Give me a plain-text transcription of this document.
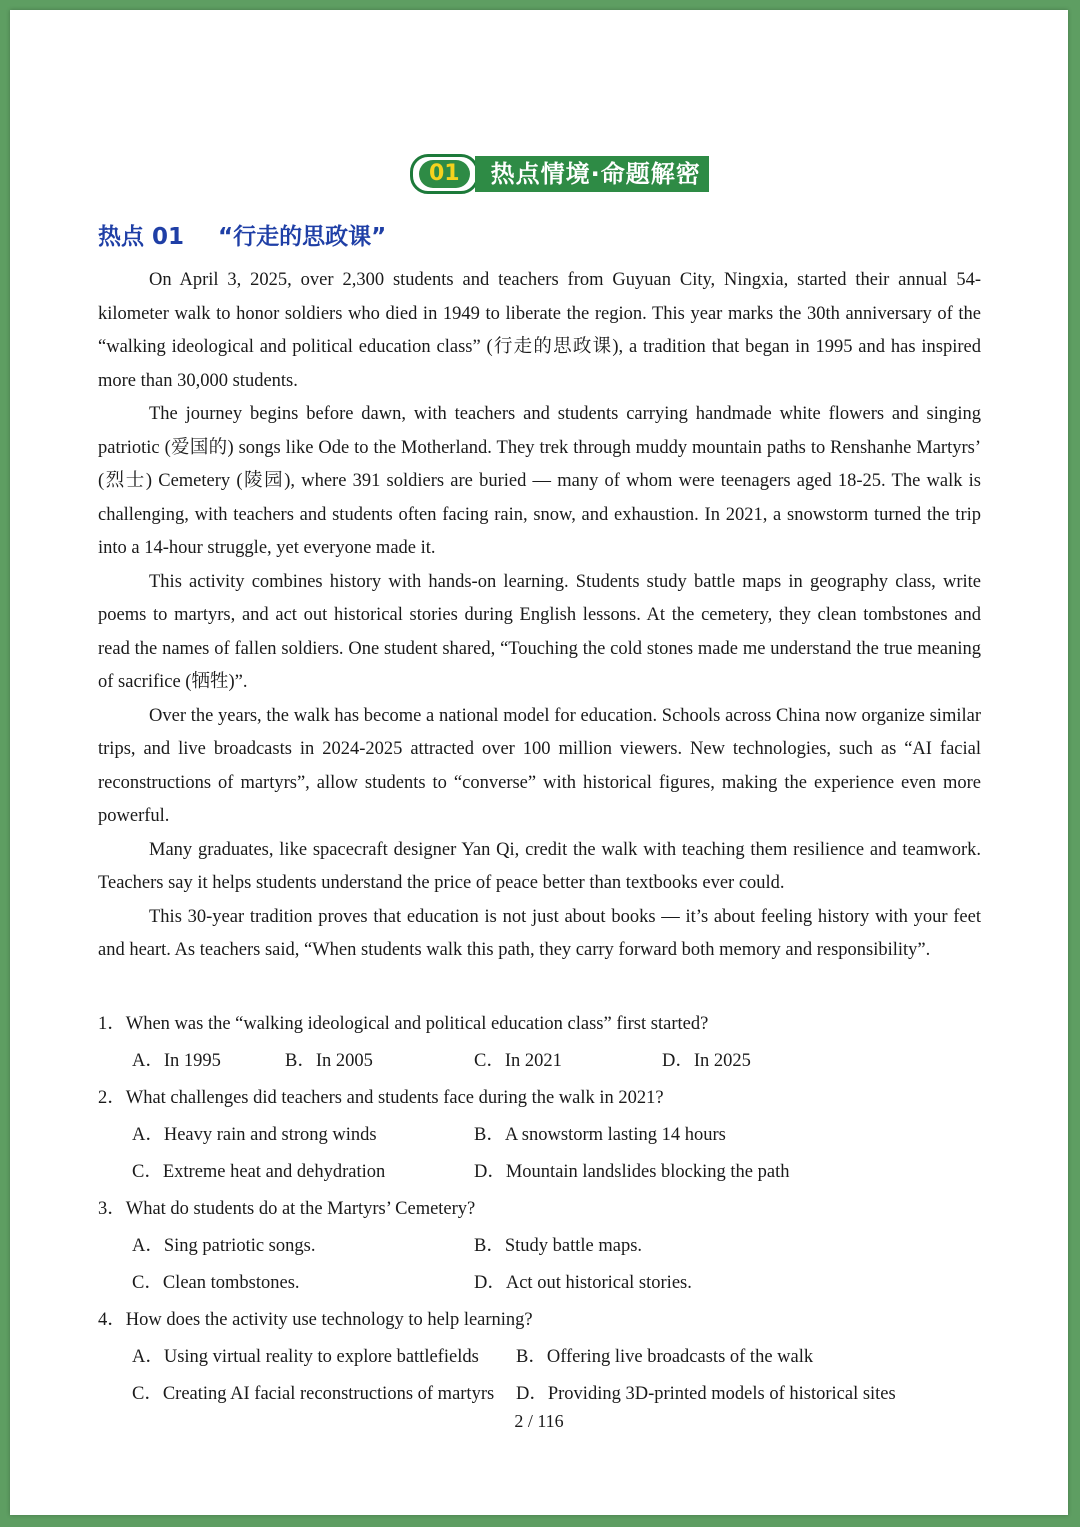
01	热点情境·命题解密
热点 01 “行走的思政课”

On April 3, 2025, over 2,300 students and teachers from Guyuan City, Ningxia, started their annual 54-kilometer walk to honor soldiers who died in 1949 to liberate the region. This year marks the 30th anniversary of the “walking ideological and political education class” (行走的思政课), a tradition that began in 1995 and has inspired more than 30,000 students.

The journey begins before dawn, with teachers and students carrying handmade white flowers and singing patriotic (爱国的) songs like Ode to the Motherland. They trek through muddy mountain paths to Renshanhe Martyrs’ (烈士) Cemetery (陵园), where 391 soldiers are buried — many of whom were teenagers aged 18-25. The walk is challenging, with teachers and students often facing rain, snow, and exhaustion. In 2021, a snowstorm turned the trip into a 14-hour struggle, yet everyone made it.

This activity combines history with hands-on learning. Students study battle maps in geography class, write poems to martyrs, and act out historical stories during English lessons. At the cemetery, they clean tombstones and read the names of fallen soldiers. One student shared, “Touching the cold stones made me understand the true meaning of sacrifice (牺牲)”.

Over the years, the walk has become a national model for education. Schools across China now organize similar trips, and live broadcasts in 2024-2025 attracted over 100 million viewers. New technologies, such as “AI facial reconstructions of martyrs”, allow students to “converse” with historical figures, making the experience even more powerful.

Many graduates, like spacecraft designer Yan Qi, credit the walk with teaching them resilience and teamwork. Teachers say it helps students understand the price of peace better than textbooks ever could.

This 30-year tradition proves that education is not just about books — it’s about feeling history with your feet and heart. As teachers said, “When students walk this path, they carry forward both memory and responsibility”.

1．When was the “walking ideological and political education class” first started?
A．In 1995	B．In 2005	C．In 2021	D．In 2025
2．What challenges did teachers and students face during the walk in 2021?
A．Heavy rain and strong winds	B．A snowstorm lasting 14 hours
C．Extreme heat and dehydration	D．Mountain landslides blocking the path
3．What do students do at the Martyrs’ Cemetery?
A．Sing patriotic songs.	B．Study battle maps.
C．Clean tombstones.	D．Act out historical stories.
4．How does the activity use technology to help learning?
A．Using virtual reality to explore battlefields B．Offering live broadcasts of the walk
C．Creating AI facial reconstructions of martyrs D．Providing 3D-printed models of historical sites
2 / 116
